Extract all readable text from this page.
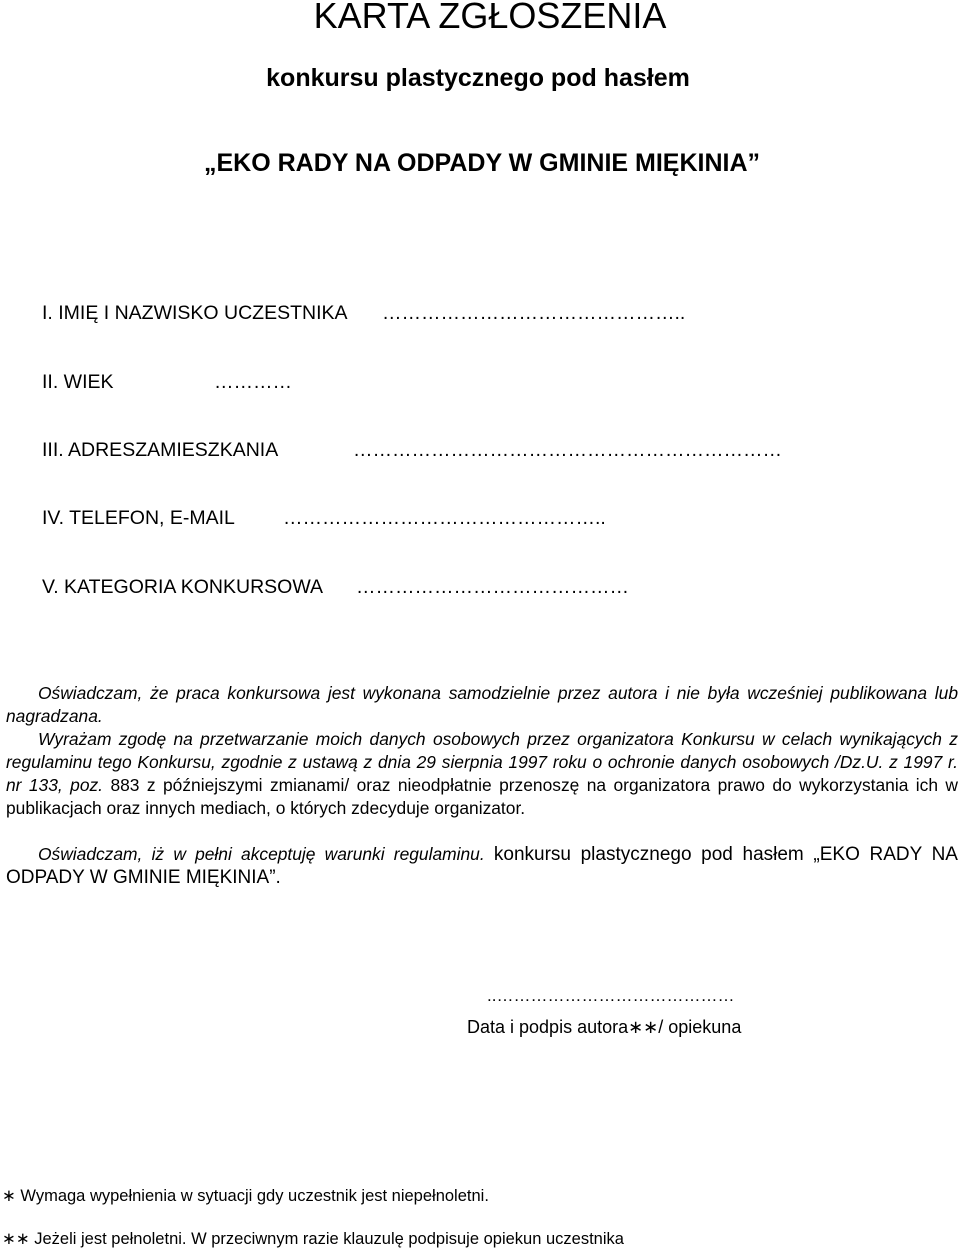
KARTA ZGŁOSZENIA
konkursu plastycznego pod hasłem
„EKO RADY NA ODPADY W GMINIE MIĘKINIA”
I. IMIĘ I NAZWISKO UCZESTNIKA ………………………………………..
II. WIEK	…………
III. ADRESZAMIESZKANIA	…………………………………………………………
IV. TELEFON, E-MAIL …………………………………………..
V. KATEGORIA KONKURSOWA ……………………………………
Oświadczam, że praca konkursowa jest wykonana samodzielnie przez autora i nie była wcześniej publikowana lub nagradzana.
Wyrażam zgodę na przetwarzanie moich danych osobowych przez organizatora Konkursu w celach wynikających z regulaminu tego Konkursu, zgodnie z ustawą z dnia 29 sierpnia 1997 roku o ochronie danych osobowych /Dz.U. z 1997 r. nr 133, poz. 883 z późniejszymi zmianami/ oraz nieodpłatnie przenoszę na organizatora prawo do wykorzystania ich w publikacjach oraz innych mediach, o których zdecyduje organizator.
Oświadczam, iż w pełni akceptuję warunki regulaminu. konkursu plastycznego pod hasłem „EKO RADY NA ODPADY W GMINIE MIĘKINIA”.
..……………………………………
Data i podpis autora∗∗/ opiekuna
∗ Wymaga wypełnienia w sytuacji gdy uczestnik jest niepełnoletni.
∗∗ Jeżeli jest pełnoletni. W przeciwnym razie klauzulę podpisuje opiekun uczestnika
